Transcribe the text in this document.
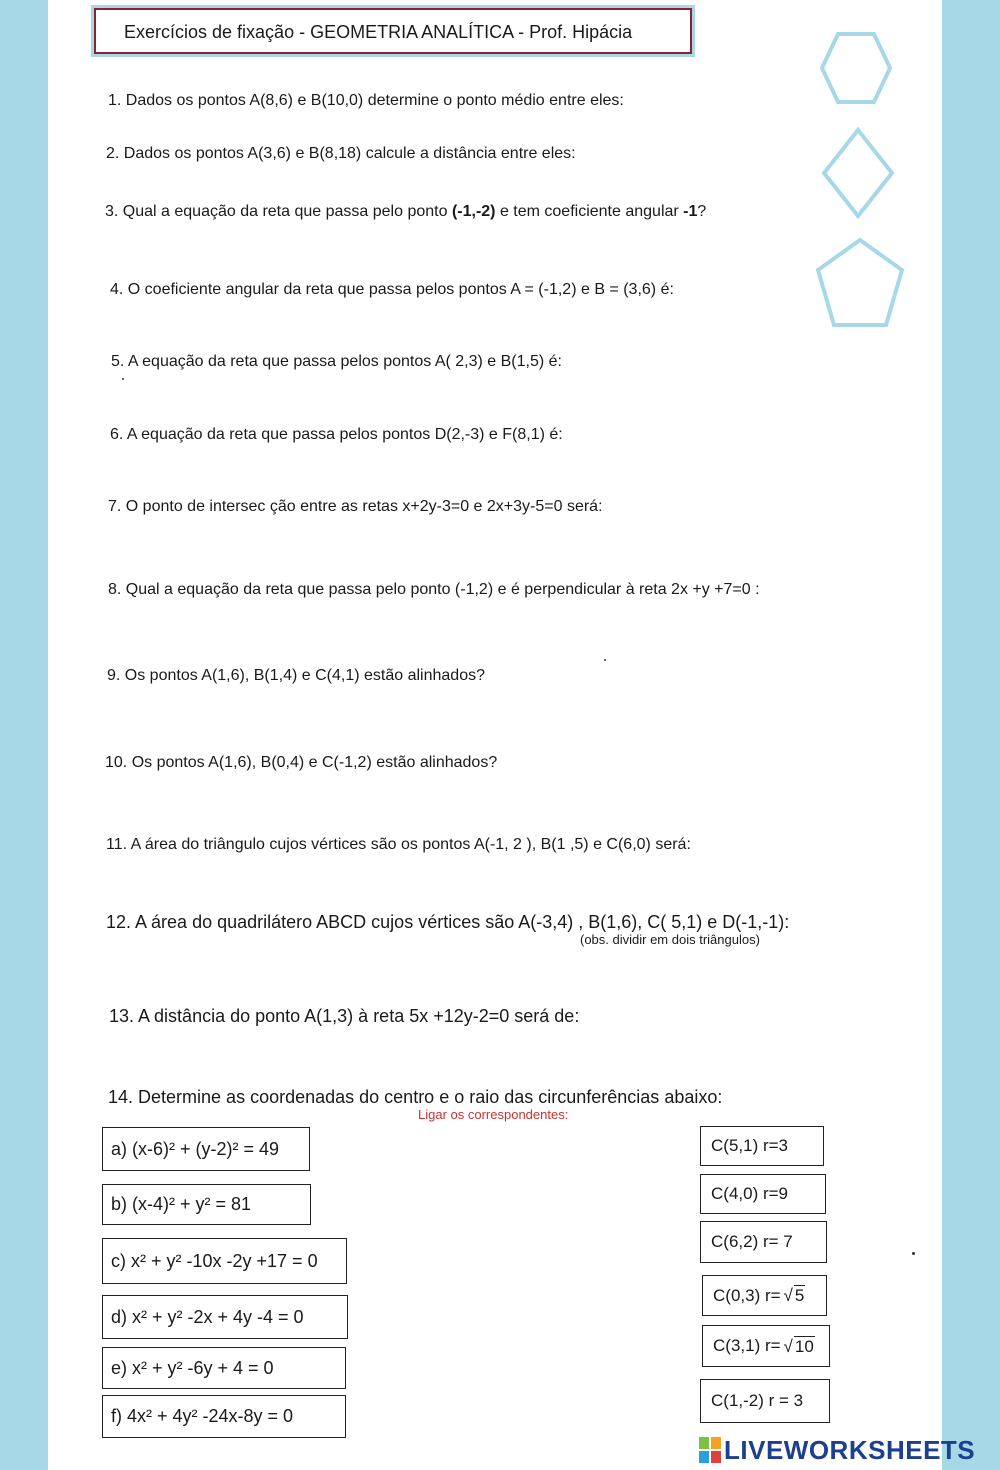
Exercícios de fixação - GEOMETRIA ANALÍTICA - Prof. Hipácia
1. Dados os pontos A(8,6) e B(10,0) determine o ponto médio entre eles:
2. Dados os pontos A(3,6) e B(8,18) calcule a distância entre eles:
3. Qual a equação da reta que passa pelo ponto (-1,-2) e tem coeficiente angular -1?
4. O coeficiente angular da reta que passa pelos pontos A = (-1,2) e B = (3,6) é:
5. A equação da reta que passa pelos pontos A( 2,3) e B(1,5) é:
6. A equação da reta que passa pelos pontos D(2,-3) e F(8,1) é:
7. O ponto de intersec ção entre as retas x+2y-3=0 e 2x+3y-5=0 será:
8. Qual a equação da reta que passa pelo ponto (-1,2) e é perpendicular à reta 2x +y +7=0 :
9. Os pontos A(1,6), B(1,4) e C(4,1) estão alinhados?
10. Os pontos A(1,6), B(0,4) e C(-1,2) estão alinhados?
11. A área do triângulo cujos vértices são os pontos A(-1, 2 ), B(1 ,5) e C(6,0) será:
12. A área do quadrilátero ABCD cujos vértices são A(-3,4) , B(1,6), C( 5,1) e D(-1,-1):
(obs. dividir em dois triângulos)
13. A distância do ponto A(1,3) à reta 5x +12y-2=0 será de:
14. Determine as coordenadas do centro e o raio das circunferências abaixo:
Ligar os correspondentes:
a) (x-6)² + (y-2)² = 49
b) (x-4)² + y² = 81
c) x² + y² -10x -2y +17 = 0
d) x² + y² -2x + 4y -4 = 0
e) x² + y² -6y + 4 = 0
f) 4x² + 4y² -24x-8y = 0
C(5,1) r=3
C(4,0) r=9
C(6,2) r= 7
C(0,3) r= √ 5
C(3,1) r= √ 10
C(1,-2) r = 3
LIVEWORKSHEETS
